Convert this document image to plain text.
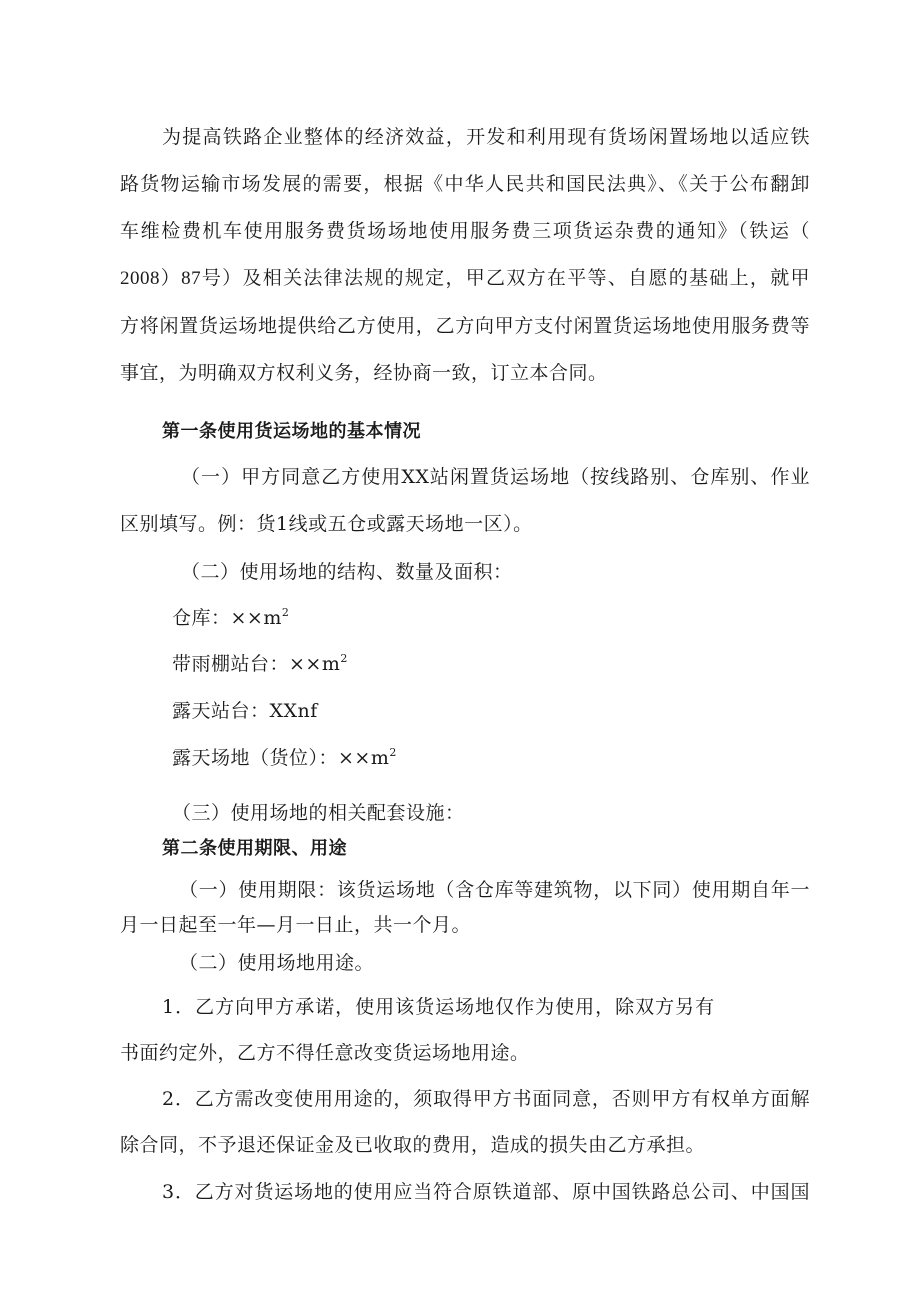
为提高铁路企业整体的经济效益，开发和利用现有货场闲置场地以适应铁
路货物运输市场发展的需要，根据《中华人民共和国民法典》、《关于公布翻卸
车维检费机车使用服务费货场场地使用服务费三项货运杂费的通知》（铁运（
2008）87号）及相关法律法规的规定，甲乙双方在平等、自愿的基础上，就甲
方将闲置货运场地提供给乙方使用，乙方向甲方支付闲置货运场地使用服务费等
事宜，为明确双方权利义务，经协商一致，订立本合同。
第一条使用货运场地的基本情况
（一）甲方同意乙方使用XX站闲置货运场地（按线路别、仓库别、作业
区别填写。例：货1线或五仓或露天场地一区）。
（二）使用场地的结构、数量及面积：
仓库：$\times\times m^2$
带雨棚站台：$\times\times m^2$
露天站台：XXnf
露天场地（货位）：$\times\times m^2$
（三）使用场地的相关配套设施：
第二条使用期限、用途
（一）使用期限：该货运场地（含仓库等建筑物，以下同）使用期自年一
月一日起至一年—月一日止，共一个月。
（二）使用场地用途。
1．乙方向甲方承诺，使用该货运场地仅作为使用，除双方另有
书面约定外，乙方不得任意改变货运场地用途。
2．乙方需改变使用用途的，须取得甲方书面同意，否则甲方有权单方面解
除合同，不予退还保证金及已收取的费用，造成的损失由乙方承担。
3．乙方对货运场地的使用应当符合原铁道部、原中国铁路总公司、中国国
